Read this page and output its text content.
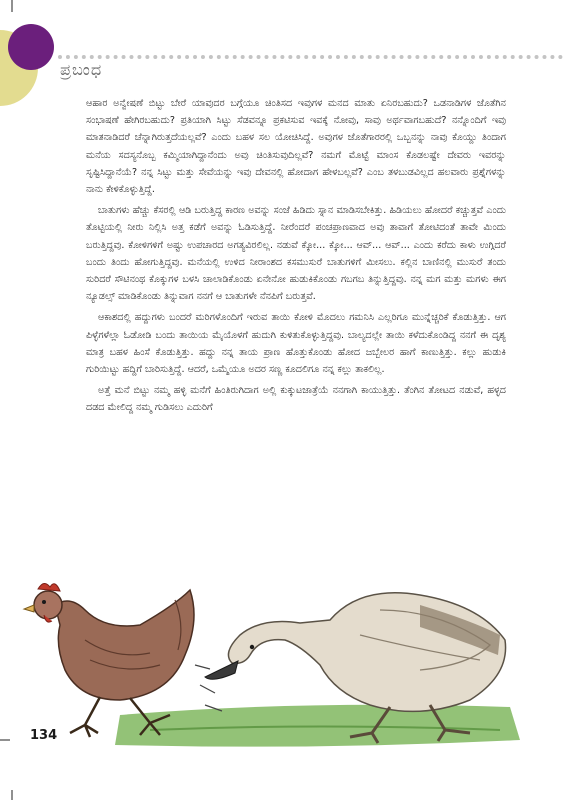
ಪ್ರಬಂಧ

ಆಹಾರ ಅನ್ವೇಷಣೆ ಬಿಟ್ಟು ಬೇರೆ ಯಾವುದರ ಬಗ್ಗೆಯೂ ಚಿಂತಿಸದ ಇವುಗಳ ಮನದ ಮಾತು ಏನಿರಬಹುದು? ಒಡನಾಡಿಗಳ ಜೊತೆಗಿನ ಸಂಭಾಷಣೆ ಹೇಗಿರಬಹುದು? ಪ್ರತಿಯಾಗಿ ಸಿಟ್ಟು ಸೆಡವನ್ನೂ ಪ್ರಕಟಿಸುವ ಇವಕ್ಕೆ ನೋವು, ಸಾವು ಅರ್ಥವಾಗಬಹುದೆ? ನನ್ನೊಂದಿಗೆ ಇವು ಮಾತನಾಡಿದರೆ ಚೆನ್ನಾಗಿರುತ್ತದೆಯಲ್ಲವೆ? ಎಂದು ಬಹಳ ಸಲ ಯೋಚಿಸಿದ್ದೆ. ಅವುಗಳ ಜೊತೆಗಾರರಲ್ಲಿ ಒಬ್ಬನನ್ನು ನಾವು ಕೊಯ್ದು ತಿಂದಾಗ ಮನೆಯ ಸದಸ್ಯನೊಬ್ಬ ಕಮ್ಮಿಯಾಗಿದ್ದಾನೆಂದು ಅವು ಚಿಂತಿಸುವುದಿಲ್ಲವೆ? ನಮಗೆ ಮೊಟ್ಟೆ ಮಾಂಸ ಕೊಡಲಷ್ಟೇ ದೇವರು ಇವರನ್ನು ಸೃಷ್ಟಿಸಿದ್ದಾನೆಯೆ? ನನ್ನ ಸಿಟ್ಟು ಮತ್ತು ಸೇವೆಯನ್ನು ಇವು ದೇವನಲ್ಲಿ ಹೋದಾಗ ಹೇಳಬಲ್ಲವೆ? ಎಂಬ ತಳಬುಡವಿಲ್ಲದ ಹಲವಾರು ಪ್ರಶ್ನೆಗಳನ್ನು ನಾನು ಕೇಳಿಕೊಳ್ಳುತ್ತಿದ್ದೆ.

ಬಾತುಗಳು ಹೆಚ್ಚು ಕೆಸರಲ್ಲಿ ಆಡಿ ಬರುತ್ತಿದ್ದ ಕಾರಣ ಅವನ್ನು ಸಂಜೆ ಹಿಡಿದು ಸ್ನಾನ ಮಾಡಿಸಬೇಕಿತ್ತು. ಹಿಡಿಯಲು ಹೋದರೆ ಕಚ್ಚುತ್ತವೆ ಎಂದು ತೊಟ್ಟಿಯಲ್ಲಿ ನೀರು ನಿಲ್ಲಿಸಿ ಅತ್ತ ಕಡೆಗೆ ಅವನ್ನು ಓಡಿಸುತ್ತಿದ್ದೆ. ನೀರೆಂದರೆ ಪಂಚಪ್ರಾಣವಾದ ಅವು ತಾವಾಗೆ ತೋಟಿದಂತೆ ತಾವೇ ಮಿಂದು ಬರುತ್ತಿದ್ದವು. ಕೋಳಿಗಳಿಗೆ ಅಷ್ಟು ಉಪಚಾರದ ಅಗತ್ಯವಿರಲಿಲ್ಲ. ನಡುವೆ ಕ್ಕೋ... ಕ್ಕೋ... ಆವ್... ಆವ್... ಎಂದು ಕರೆದು ಕಾಳು ಉಗ್ಗಿದರೆ ಬಂದು ತಿಂದು ಹೋಗುತ್ತಿದ್ದವು. ಮನೆಯಲ್ಲಿ ಉಳಿದ ನೀರಾಂಶದ ಕಸಮುಸುರೆ ಬಾತುಗಳಿಗೆ ಮೀಸಲು. ಕಲ್ಲಿನ ಬಾಣಿನಲ್ಲಿ ಮುಸುರೆ ತಂದು ಸುರಿದರೆ ಸೌಟಿನಂಥ ಕೊಕ್ಕುಗಳ ಬಳಸಿ ಚಾಲಾಡಿಕೊಂಡು ಏನೇನೋ ಹುಡುಕಿಕೊಂಡು ಗಬಗಬ ತಿನ್ನುತ್ತಿದ್ದವು. ನನ್ನ ಮಗ ಮತ್ತು ಮಗಳು ಈಗ ನ್ಯೂಡಲ್ಸ್ ಮಾಡಿಕೊಂಡು ತಿನ್ನುವಾಗ ನನಗೆ ಆ ಬಾತುಗಳೇ ನೆನಪಿಗೆ ಬರುತ್ತವೆ.

ಆಕಾಶದಲ್ಲಿ ಹದ್ದುಗಳು ಬಂದರೆ ಮರಿಗಳೊಂದಿಗೆ ಇರುವ ತಾಯಿ ಕೋಳಿ ಮೊದಲು ಗಮನಿಸಿ ಎಲ್ಲರಿಗೂ ಮುನ್ನೆಚ್ಚರಿಕೆ ಕೊಡುತ್ತಿತ್ತು. ಆಗ ಪಿಳ್ಳೆಗಳೆಲ್ಲಾ ಓಡೋಡಿ ಬಂದು ತಾಯಿಯ ಮೈಯೊಳಗೆ ಹುದುಗಿ ಕುಳಿತುಕೊಳ್ಳುತ್ತಿದ್ದವು. ಬಾಲ್ಯದಲ್ಲೇ ತಾಯಿ ಕಳೆದುಕೊಂಡಿದ್ದ ನನಗೆ ಈ ದೃಶ್ಯ ಮಾತ್ರ ಬಹಳ ಹಿಂಸೆ ಕೊಡುತ್ತಿತ್ತು. ಹದ್ದು ನನ್ನ ತಾಯ ಪ್ರಾಣ ಹೊತ್ತುಕೊಂಡು ಹೋದ ಜಬ್ಬೇಲರ ಹಾಗೆ ಕಾಣುತ್ತಿತ್ತು. ಕಲ್ಲು ಹುಡುಕಿ ಗುರಿಯಿಟ್ಟು ಹದ್ದಿಗೆ ಬಾರಿಸುತ್ತಿದ್ದೆ. ಆದರೆ, ಒಮ್ಮೆಯೂ ಅದರ ಸಣ್ಣ ಕೂದಲಿಗೂ ನನ್ನ ಕಲ್ಲು ತಾಕಲಿಲ್ಲ.

ಅತ್ತೆ ಮನೆ ಬಿಟ್ಟು ನಮ್ಮ ಹಳ್ಳಿ ಮನೆಗೆ ಹಿಂತಿರುಗಿದಾಗ ಅಲ್ಲಿ ಕುಕ್ಕುಟಜಾತ್ರೆಯೆ ನನಗಾಗಿ ಕಾಯುತ್ತಿತ್ತು. ತೆಂಗಿನ ತೋಟದ ನಡುವೆ, ಹಳ್ಳದ ದಡದ ಮೇಲಿದ್ದ ನಮ್ಮ ಗುಡಿಸಲು ಎದುರಿಗೆ

134
